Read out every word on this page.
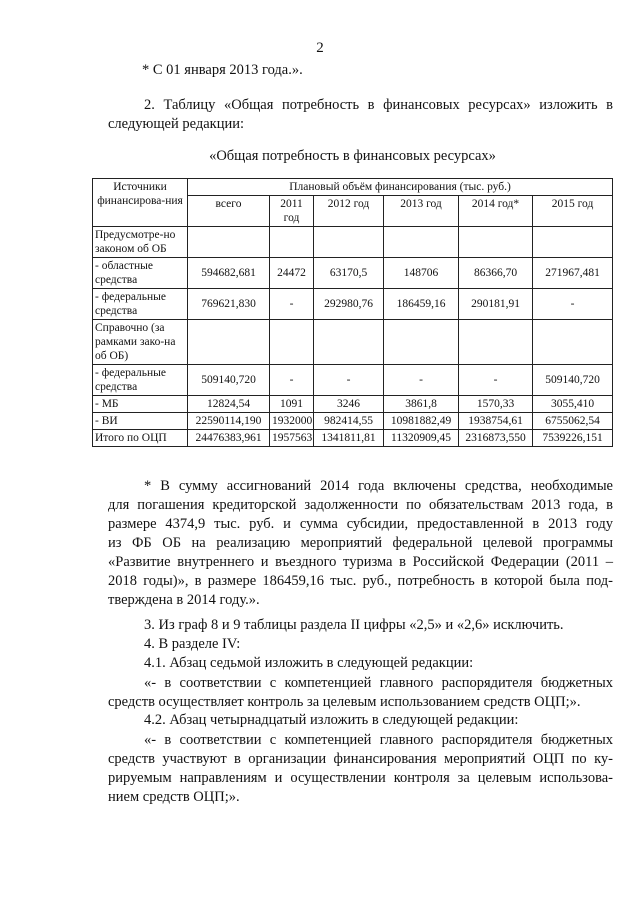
2
* С 01 января 2013 года.».
2. Таблицу «Общая потребность в финансовых ресурсах» изложить в
следующей редакции:
«Общая потребность в финансовых ресурсах»
Источники финансирова-ния	Плановый объём финансирования (тыс. руб.)					
	всего	2011 год	2012 год	2013 год	2014 год*	2015 год
Предусмотре-но законом об ОБ						
- областные средства	594682,681	24472	63170,5	148706	86366,70	271967,481
- федеральные средства	769621,830	-	292980,76	186459,16	290181,91	-
Справочно (за рамками зако-на об ОБ)						
- федеральные средства	509140,720	-	-	-	-	509140,720
- МБ	12824,54	1091	3246	3861,8	1570,33	3055,410
- ВИ	22590114,190	1932000	982414,55	10981882,49	1938754,61	6755062,54
Итого по ОЦП	24476383,961	1957563	1341811,81	11320909,45	2316873,550	7539226,151
* В сумму ассигнований 2014 года включены средства, необходимые
для погашения кредиторской задолженности по обязательствам 2013 года, в
размере 4374,9 тыс. руб. и сумма субсидии, предоставленной в 2013 году
из ФБ ОБ на реализацию мероприятий федеральной целевой программы
«Развитие внутреннего и въездного туризма в Российской Федерации (2011 –
2018 годы)», в размере 186459,16 тыс. руб., потребность в которой была под-
тверждена в 2014 году.».
3. Из граф 8 и 9 таблицы раздела II цифры «2,5» и «2,6» исключить.
4. В разделе IV:
4.1. Абзац седьмой изложить в следующей редакции:
«- в соответствии с компетенцией главного распорядителя бюджетных
средств осуществляет контроль за целевым использованием средств ОЦП;».
4.2. Абзац четырнадцатый изложить в следующей редакции:
«- в соответствии с компетенцией главного распорядителя бюджетных
средств участвуют в организации финансирования мероприятий ОЦП по ку-
рируемым направлениям и осуществлении контроля за целевым использова-
нием средств ОЦП;».
